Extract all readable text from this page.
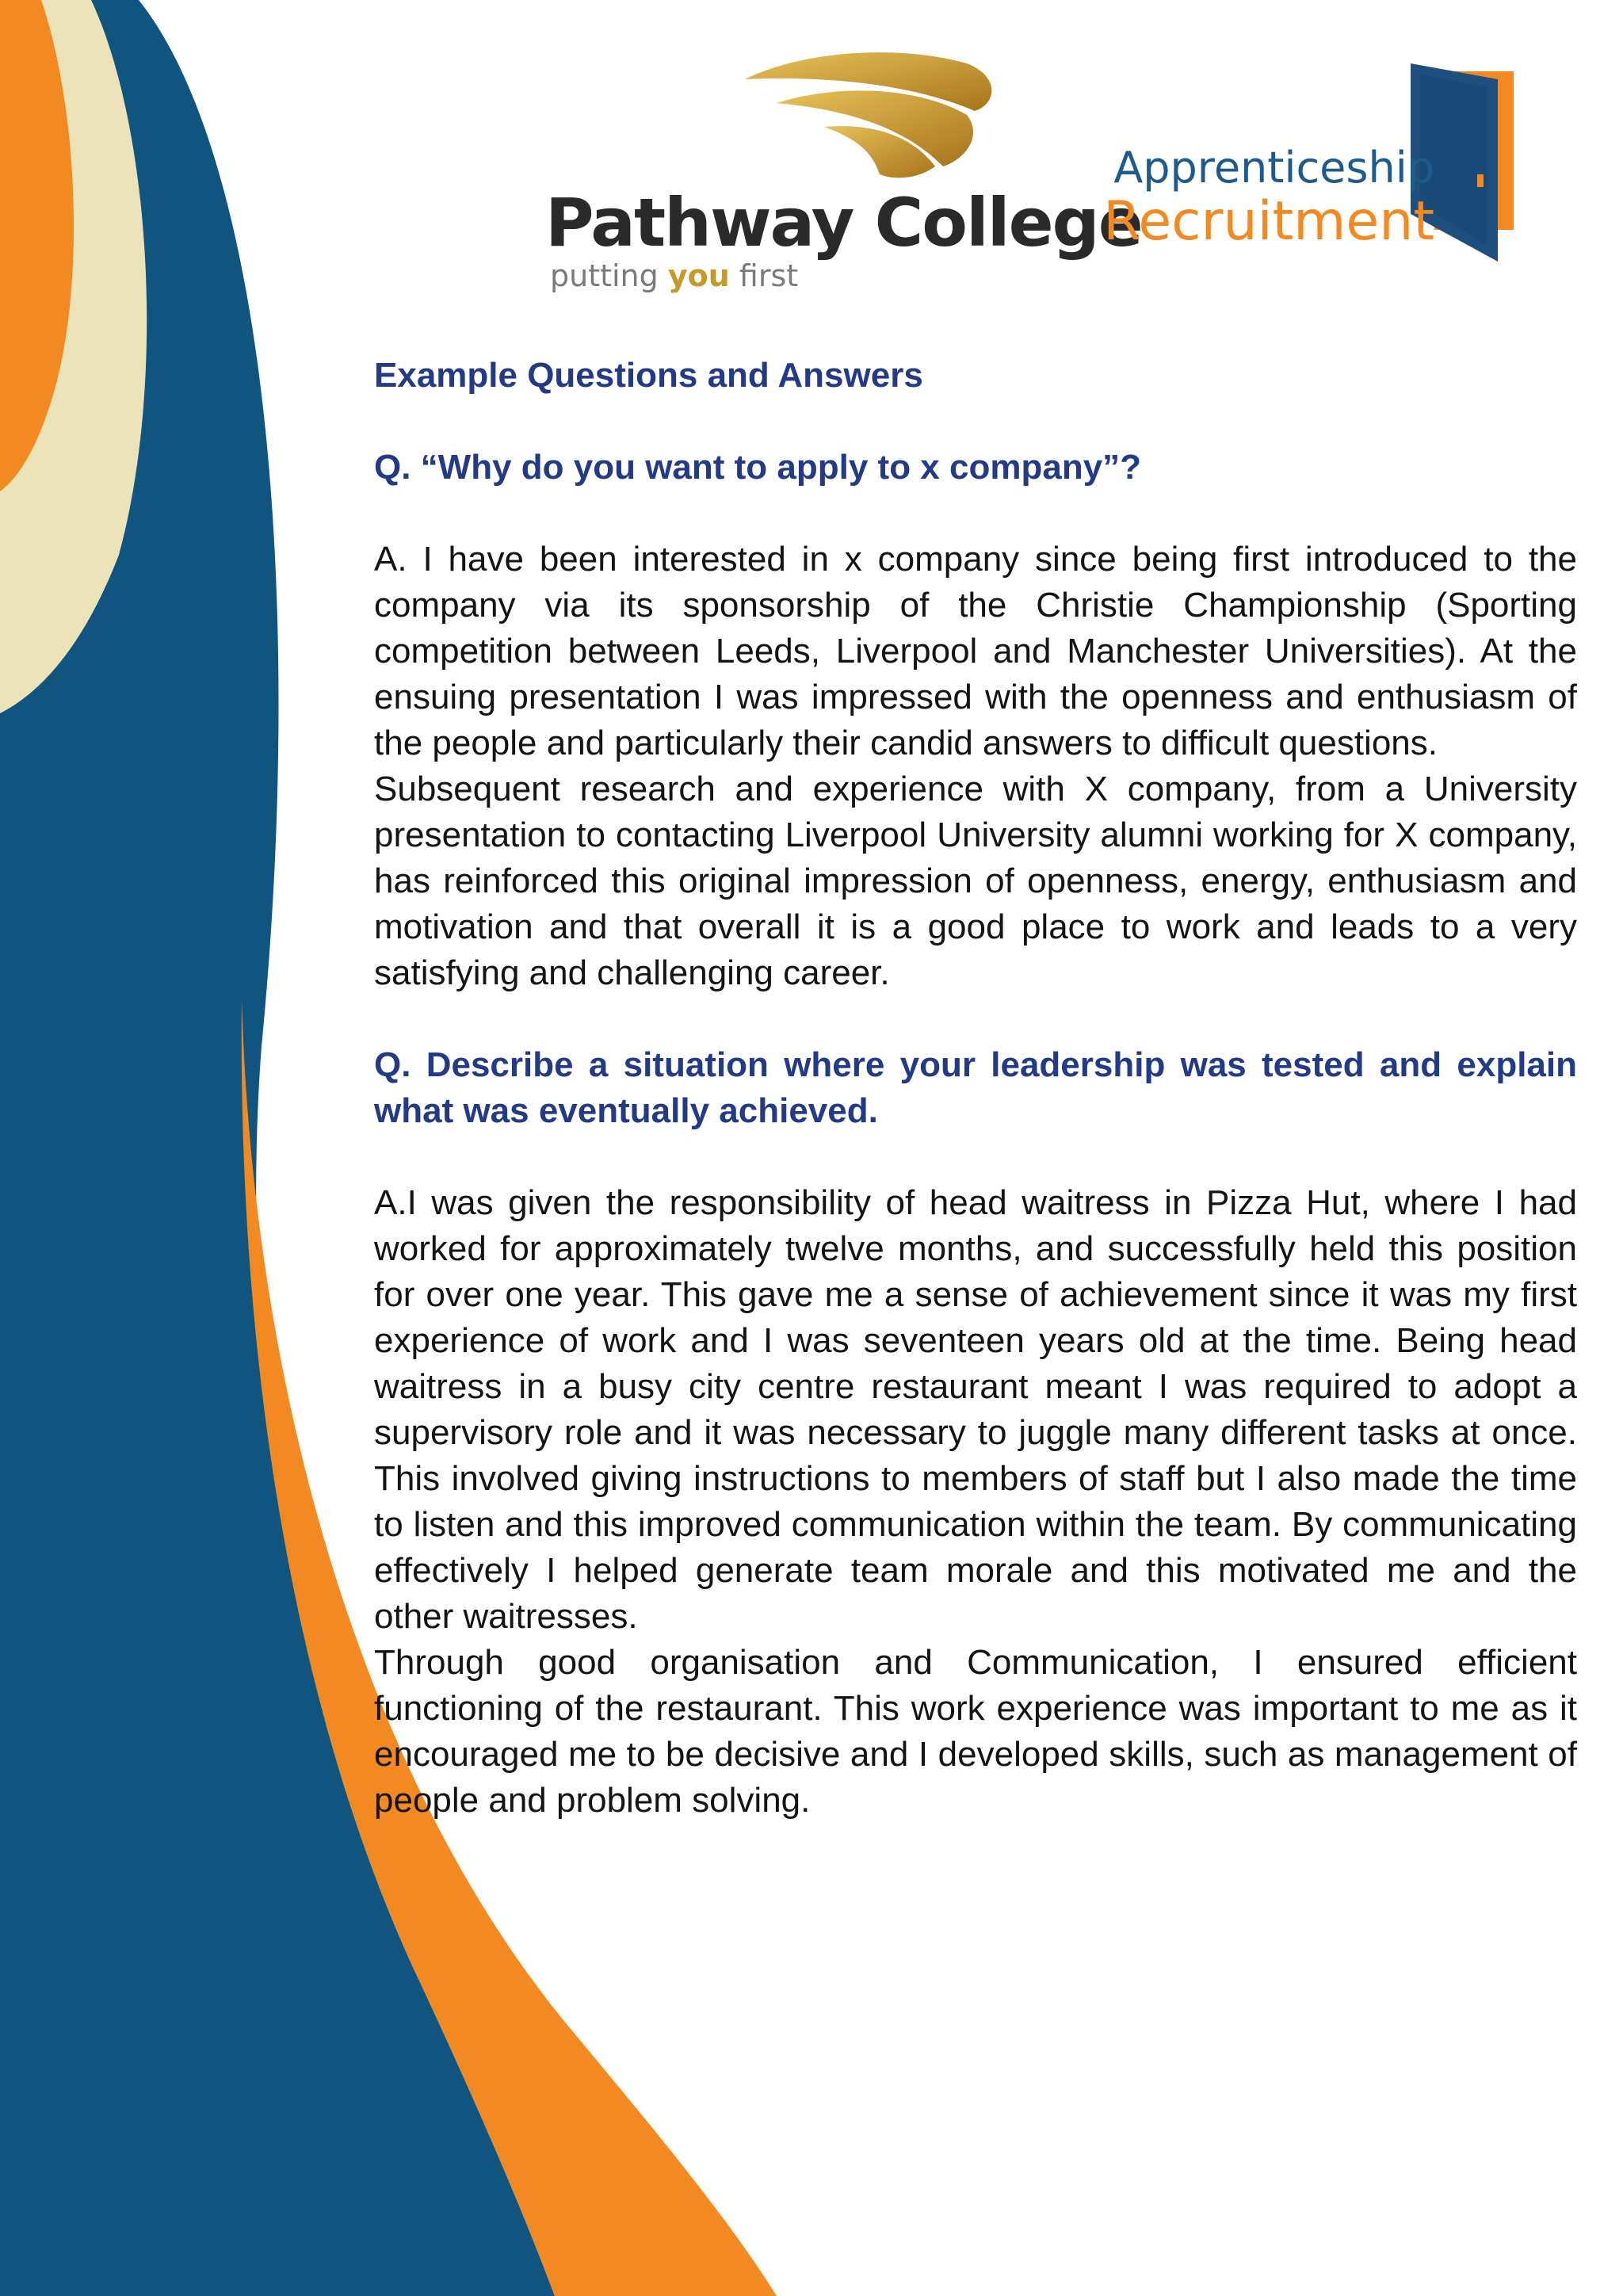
Pathway College
putting you first
Apprenticeship
Recruitment
Example Questions and Answers
Q. “Why do you want to apply to x company”?

A. I have been interested in x company since being first introduced to the company via its sponsorship of the Christie Championship (Sporting competition between Leeds, Liverpool and Manchester Universities). At the ensuing presentation I was impressed with the openness and enthusiasm of the people and particularly their candid answers to difficult questions.

Subsequent research and experience with X company, from a University presentation to contacting Liverpool University alumni working for X company, has reinforced this original impression of openness, energy, enthusiasm and motivation and that overall it is a good place to work and leads to a very satisfying and challenging career.

Q. Describe a situation where your leadership was tested and explain what was eventually achieved.

A.I was given the responsibility of head waitress in Pizza Hut, where I had worked for approximately twelve months, and successfully held this position for over one year. This gave me a sense of achievement since it was my first experience of work and I was seventeen years old at the time. Being head waitress in a busy city centre restaurant meant I was required to adopt a supervisory role and it was necessary to juggle many different tasks at once. This involved giving instructions to members of staff but I also made the time to listen and this improved communication within the team. By communicating effectively I helped generate team morale and this motivated me and the other waitresses.

Through good organisation and Communication, I ensured efficient functioning of the restaurant. This work experience was important to me as it encouraged me to be decisive and I developed skills, such as management of people and problem solving.
